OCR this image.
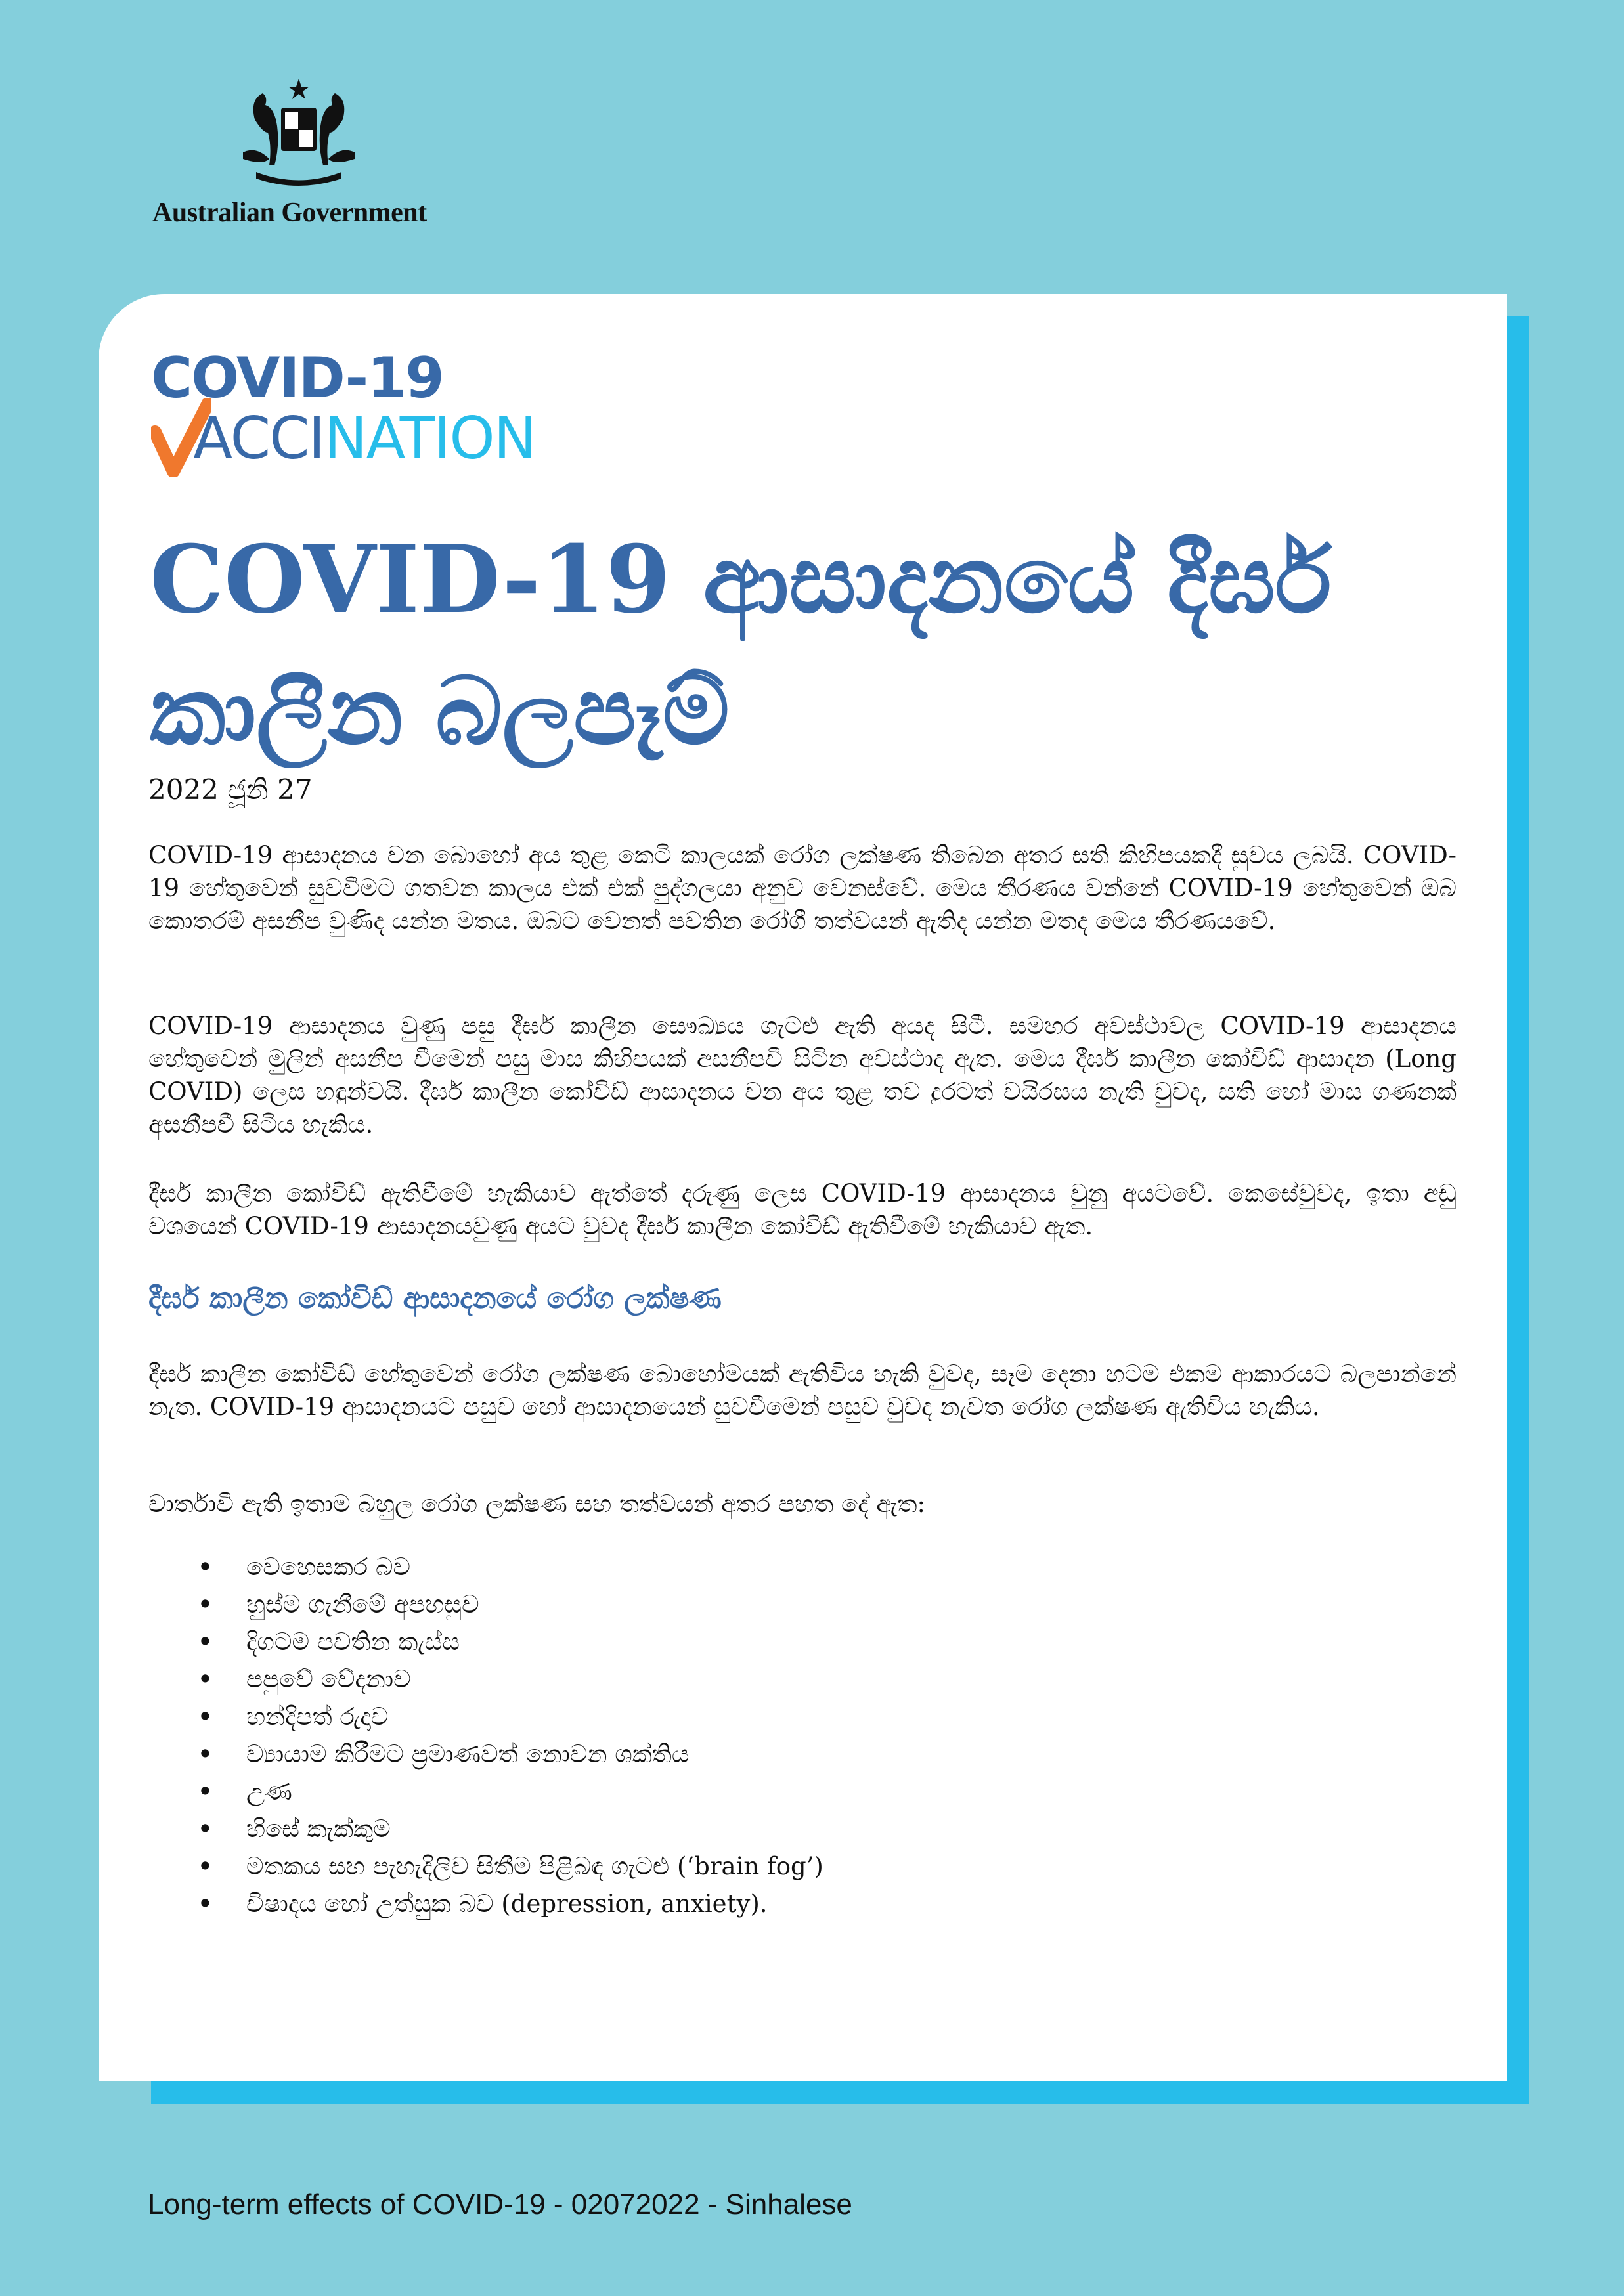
Australian Government
COVID-19
ACCINATION
COVID-19 ආසාදනයේ දීර්ඝ කාලීන බලපෑම්
2022 ජූනි 27

COVID-19 ආසාදනය වන බොහෝ අය තුළ කෙටි කාලයක් රෝග ලක්ෂණ තිබෙන අතර සති කිහිපයකදී සුවය ලබයි. COVID-19 හේතුවෙන් සුවවීමට ගතවන කාලය එක් එක් පුද්ගලයා අනුව වෙනස්වේ. මෙය තීරණය වන්නේ COVID-19 හේතුවෙන් ඔබ කොතරම් අසනීප වුණිද යන්න මතය. ඔබට වෙනත් පවතින රෝගී තත්වයන් ඇතිද යන්න මතද මෙය තීරණයවේ.

COVID-19 ආසාදනය වුණු පසු දීර්ඝ කාලීන සෞඛ්‍යය ගැටළු ඇති අයද සිටී. සමහර අවස්ථාවල COVID-19 ආසාදනය හේතුවෙන් මුලින් අසනීප වීමෙන් පසු මාස කිහිපයක් අසනීපවී සිටින අවස්ථාද ඇත. මෙය දීර්ඝ කාලීන කෝවිඩ් ආසාදන (Long COVID) ලෙස හඳුන්වයි. දීර්ඝ කාලීන කෝවිඩ් ආසාදනය වන අය තුළ තව දුරටත් වයිරසය නැති වුවද, සති හෝ මාස ගණනක් අසනීපවී සිටිය හැකිය.

දීර්ඝ කාලීන කෝවිඩ් ඇතිවීමේ හැකියාව ඇත්තේ දරුණු ලෙස COVID-19 ආසාදනය වුනු අයටවේ. කෙසේවුවද, ඉතා අඩු වශයෙන් COVID-19 ආසාදනයවුණු අයට වුවද දීර්ඝ කාලීන කෝවිඩ් ඇතිවීමේ හැකියාව ඇත.

දීර්ඝ කාලීන කෝවිඩ් ආසාදනයේ රෝග ලක්ෂණ

දීර්ඝ කාලීන කෝවිඩ් හේතුවෙන් රෝග ලක්ෂණ බොහෝමයක් ඇතිවිය හැකි වුවද, සෑම දෙනා හටම එකම ආකාරයට බලපාන්නේ නැත. COVID-19 ආසාදනයට පසුව හෝ ආසාදනයෙන් සුවවීමෙන් පසුව වුවද නැවත රෝග ලක්ෂණ ඇතිවිය හැකිය.

වාර්තාවී ඇති ඉතාම බහුල රෝග ලක්ෂණ සහ තත්වයන් අතර පහත දේ ඇත:

• වෙහෙසකර බව
• හුස්ම ගැනීමේ අපහසුව
• දිගටම පවතින කැස්ස
• පපුවේ වේදනාව
• හන්දිපත් රුදාව
• ව්‍යායාම කිරීමට ප්‍රමාණවත් නොවන ශක්තිය
• උණ
• හිසේ කැක්කුම
• මතකය සහ පැහැදිලිව සිතීම පිළිබඳ ගැටළු (‘brain fog’)
• විෂාදය හෝ උත්සුක බව (depression, anxiety).
Long-term effects of COVID-19 - 02072022 - Sinhalese
